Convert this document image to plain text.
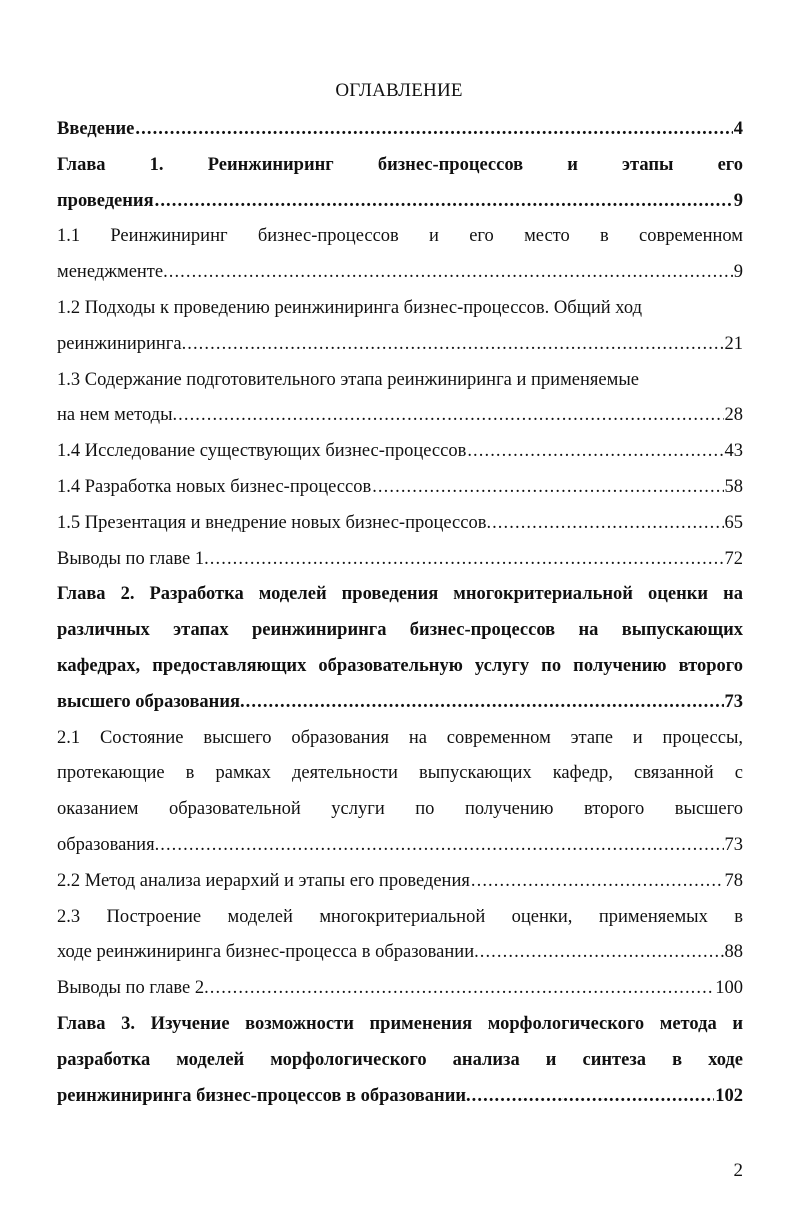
ОГЛАВЛЕНИЕ
Введение .....	4
Глава 1. Реинжиниринг бизнес-процессов и этапы его
проведения .....	9
1.1 Реинжиниринг бизнес-процессов и его место в современном
менеджменте. .....	9
1.2 Подходы к проведению реинжиниринга бизнес-процессов. Общий ход
реинжиниринга. .....	21
1.3 Содержание подготовительного этапа реинжиниринга и применяемые
на нем методы. .....	28
1.4 Исследование существующих бизнес-процессов .....	43
1.4 Разработка новых бизнес-процессов .....	58
1.5 Презентация и внедрение новых бизнес-процессов. .....	65
Выводы по главе 1. .....	72
Глава 2. Разработка моделей проведения многокритериальной оценки на
различных этапах реинжиниринга бизнес-процессов на выпускающих
кафедрах, предоставляющих образовательную услугу по получению второго
высшего образования. .....	73
2.1 Состояние высшего образования на современном этапе и процессы,
протекающие в рамках деятельности выпускающих кафедр, связанной с
оказанием образовательной услуги по получению второго высшего
образования. .....	73
2.2 Метод анализа иерархий и этапы его проведения .....	78
2.3 Построение моделей многокритериальной оценки, применяемых в
ходе реинжиниринга бизнес-процесса в образовании. .....	88
Выводы по главе 2. .....	100
Глава 3. Изучение возможности применения морфологического метода и
разработка моделей морфологического анализа и синтеза в ходе
реинжиниринга бизнес-процессов в образовании. .....	102
2
